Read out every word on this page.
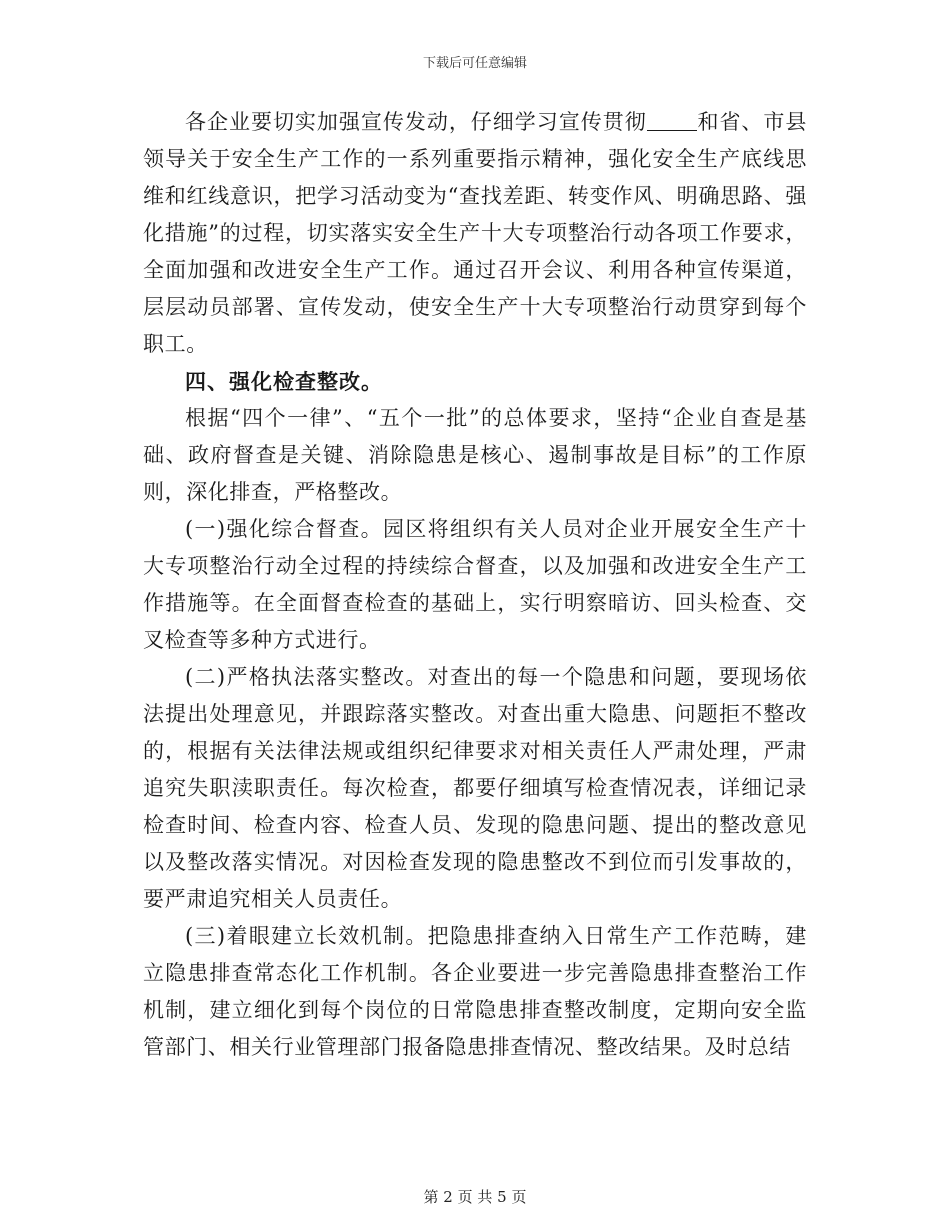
下载后可任意编辑

各企业要切实加强宣传发动，仔细学习宣传贯彻 和省、市县领导关于安全生产工作的一系列重要指示精神，强化安全生产底线思维和红线意识，把学习活动变为“查找差距、转变作风、明确思路、强化措施”的过程，切实落实安全生产十大专项整治行动各项工作要求，全面加强和改进安全生产工作。通过召开会议、利用各种宣传渠道，层层动员部署、宣传发动，使安全生产十大专项整治行动贯穿到每个职工。

四、强化检查整改。

根据“四个一律”、“五个一批”的总体要求，坚持“企业自查是基础、政府督查是关键、消除隐患是核心、遏制事故是目标”的工作原则，深化排查，严格整改。

(一)强化综合督查。园区将组织有关人员对企业开展安全生产十大专项整治行动全过程的持续综合督查，以及加强和改进安全生产工作措施等。在全面督查检查的基础上，实行明察暗访、回头检查、交叉检查等多种方式进行。

(二)严格执法落实整改。对查出的每一个隐患和问题，要现场依法提出处理意见，并跟踪落实整改。对查出重大隐患、问题拒不整改的，根据有关法律法规或组织纪律要求对相关责任人严肃处理，严肃追究失职渎职责任。每次检查，都要仔细填写检查情况表，详细记录检查时间、检查内容、检查人员、发现的隐患问题、提出的整改意见以及整改落实情况。对因检查发现的隐患整改不到位而引发事故的，要严肃追究相关人员责任。

(三)着眼建立长效机制。把隐患排查纳入日常生产工作范畴，建立隐患排查常态化工作机制。各企业要进一步完善隐患排查整治工作机制，建立细化到每个岗位的日常隐患排查整改制度，定期向安全监管部门、相关行业管理部门报备隐患排查情况、整改结果。及时总结

第 2 页 共 5 页
